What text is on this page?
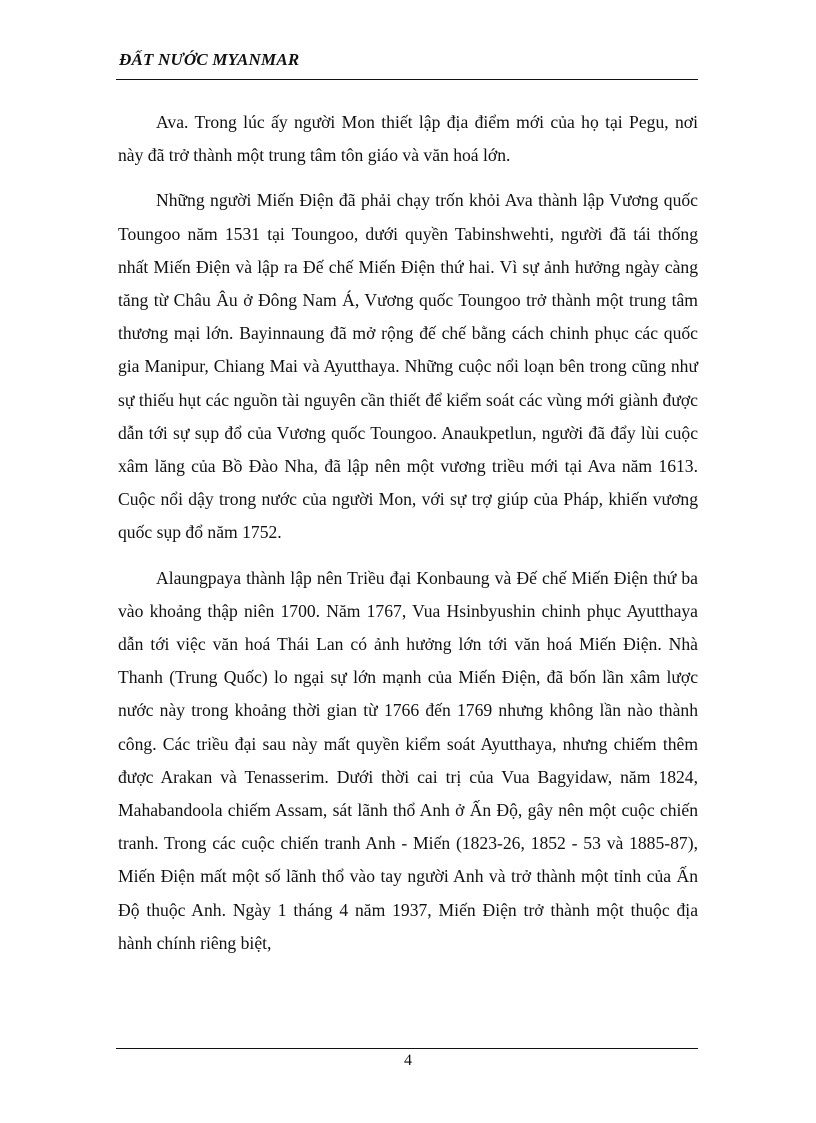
ĐẤT NƯỚC MYANMAR

Ava. Trong lúc ấy người Mon thiết lập địa điểm mới của họ tại Pegu, nơi này đã trở thành một trung tâm tôn giáo và văn hoá lớn.

Những người Miến Điện đã phải chạy trốn khỏi Ava thành lập Vương quốc Toungoo năm 1531 tại Toungoo, dưới quyền Tabinshwehti, người đã tái thống nhất Miến Điện và lập ra Đế chế Miến Điện thứ hai. Vì sự ảnh hưởng ngày càng tăng từ Châu Âu ở Đông Nam Á, Vương quốc Toungoo trở thành một trung tâm thương mại lớn. Bayinnaung đã mở rộng đế chế bằng cách chinh phục các quốc gia Manipur, Chiang Mai và Ayutthaya. Những cuộc nổi loạn bên trong cũng như sự thiếu hụt các nguồn tài nguyên cần thiết để kiểm soát các vùng mới giành được dẫn tới sự sụp đổ của Vương quốc Toungoo. Anaukpetlun, người đã đẩy lùi cuộc xâm lăng của Bồ Đào Nha, đã lập nên một vương triều mới tại Ava năm 1613. Cuộc nổi dậy trong nước của người Mon, với sự trợ giúp của Pháp, khiến vương quốc sụp đổ năm 1752.

Alaungpaya thành lập nên Triều đại Konbaung và Đế chế Miến Điện thứ ba vào khoảng thập niên 1700. Năm 1767, Vua Hsinbyushin chinh phục Ayutthaya dẫn tới việc văn hoá Thái Lan có ảnh hưởng lớn tới văn hoá Miến Điện. Nhà Thanh (Trung Quốc) lo ngại sự lớn mạnh của Miến Điện, đã bốn lần xâm lược nước này trong khoảng thời gian từ 1766 đến 1769 nhưng không lần nào thành công. Các triều đại sau này mất quyền kiểm soát Ayutthaya, nhưng chiếm thêm được Arakan và Tenasserim. Dưới thời cai trị của Vua Bagyidaw, năm 1824, Mahabandoola chiếm Assam, sát lãnh thổ Anh ở Ấn Độ, gây nên một cuộc chiến tranh. Trong các cuộc chiến tranh Anh - Miến (1823-26, 1852 - 53 và 1885-87), Miến Điện mất một số lãnh thổ vào tay người Anh và trở thành một tỉnh của Ấn Độ thuộc Anh. Ngày 1 tháng 4 năm 1937, Miến Điện trở thành một thuộc địa hành chính riêng biệt,

4
